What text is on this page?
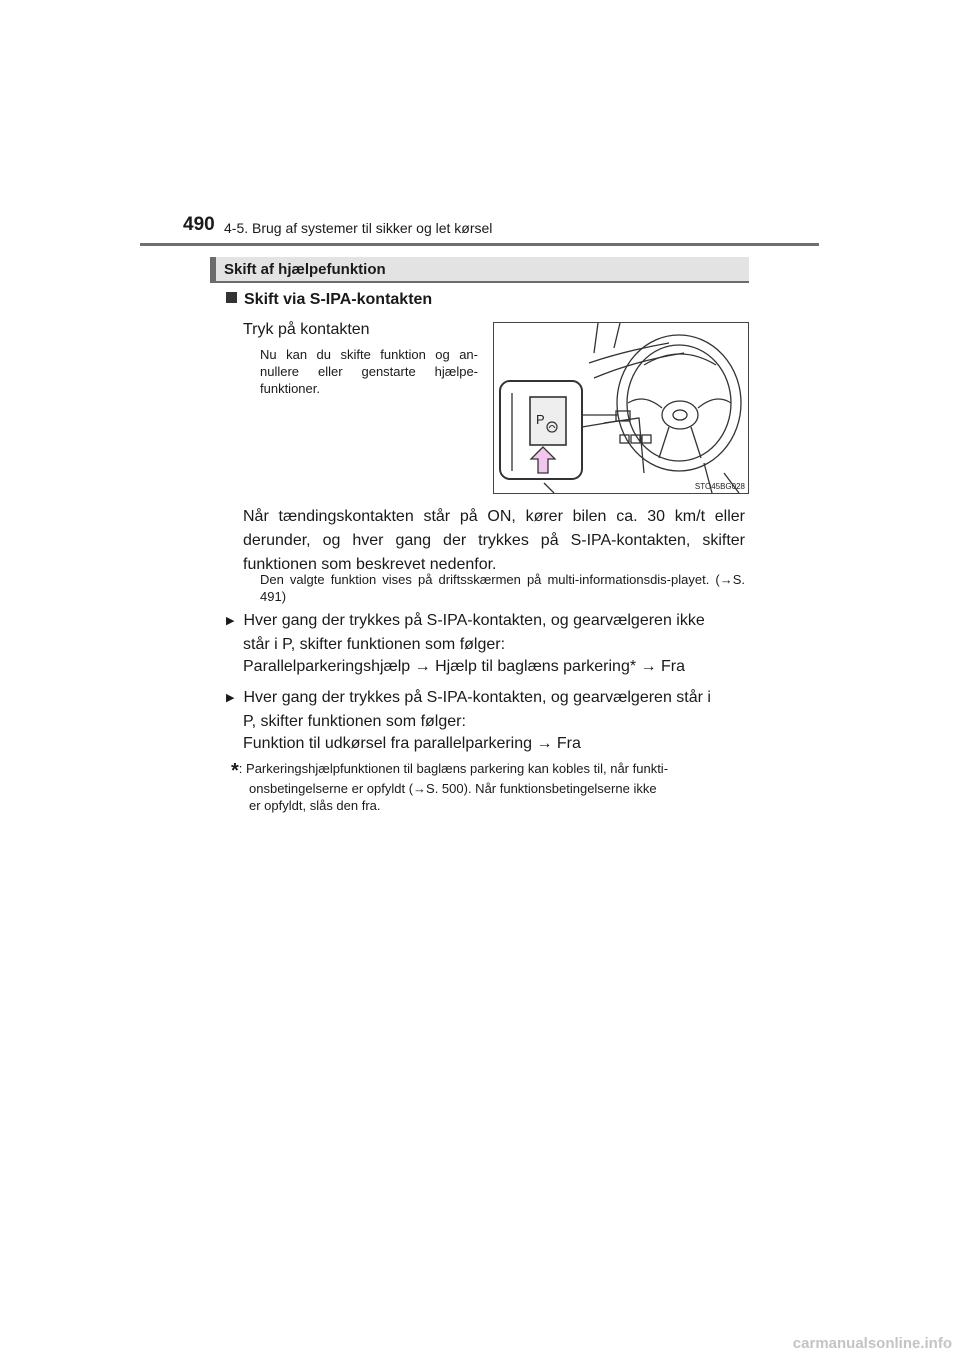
490 4-5. Brug af systemer til sikker og let kørsel
Skift af hjælpefunktion
Skift via S-IPA-kontakten
Tryk på kontakten
Nu kan du skifte funktion og an-nullere eller genstarte hjælpe-funktioner.
P
STO45BG028
Når tændingskontakten står på ON, kører bilen ca. 30 km/t eller derunder, og hver gang der trykkes på S-IPA-kontakten, skifter funktionen som beskrevet nedenfor.
Den valgte funktion vises på driftsskærmen på multi-informationsdis-playet. (→S. 491)
▶ Hver gang der trykkes på S-IPA-kontakten, og gearvælgeren ikke
står i P, skifter funktionen som følger:
Parallelparkeringshjælp → Hjælp til baglæns parkering* → Fra
▶ Hver gang der trykkes på S-IPA-kontakten, og gearvælgeren står i
P, skifter funktionen som følger:
Funktion til udkørsel fra parallelparkering → Fra
*: Parkeringshjælpfunktionen til baglæns parkering kan kobles til, når funkti-
onsbetingelserne er opfyldt (→S. 500). Når funktionsbetingelserne ikke
er opfyldt, slås den fra.
carmanualsonline.info
